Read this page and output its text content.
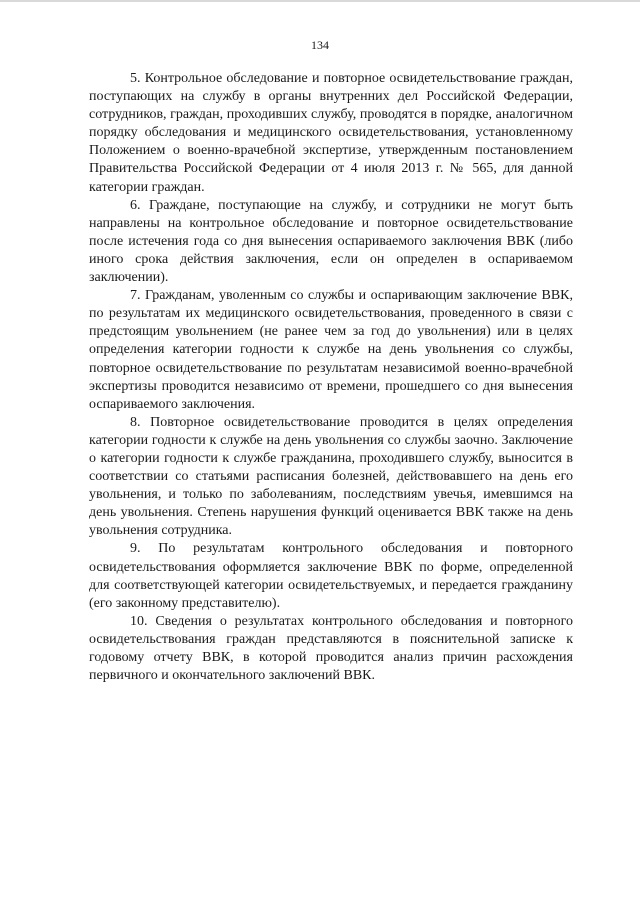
134

5. Контрольное обследование и повторное освидетельствование граждан, поступающих на службу в органы внутренних дел Российской Федерации, сотрудников, граждан, проходивших службу, проводятся в порядке, аналогичном порядку обследования и медицинского освидетельствования, установленному Положением о военно-врачебной экспертизе, утвержденным постановлением Правительства Российской Федерации от 4 июля 2013 г. № 565, для данной категории граждан.

6. Граждане, поступающие на службу, и сотрудники не могут быть направлены на контрольное обследование и повторное освидетельствование после истечения года со дня вынесения оспариваемого заключения ВВК (либо иного срока действия заключения, если он определен в оспариваемом заключении).

7. Гражданам, уволенным со службы и оспаривающим заключение ВВК, по результатам их медицинского освидетельствования, проведенного в связи с предстоящим увольнением (не ранее чем за год до увольнения) или в целях определения категории годности к службе на день увольнения со службы, повторное освидетельствование по результатам независимой военно-врачебной экспертизы проводится независимо от времени, прошедшего со дня вынесения оспариваемого заключения.

8. Повторное освидетельствование проводится в целях определения категории годности к службе на день увольнения со службы заочно. Заключение о категории годности к службе гражданина, проходившего службу, выносится в соответствии со статьями расписания болезней, действовавшего на день его увольнения, и только по заболеваниям, последствиям увечья, имевшимся на день увольнения. Степень нарушения функций оценивается ВВК также на день увольнения сотрудника.

9. По результатам контрольного обследования и повторного освидетельствования оформляется заключение ВВК по форме, определенной для соответствующей категории освидетельствуемых, и передается гражданину (его законному представителю).

10. Сведения о результатах контрольного обследования и повторного освидетельствования граждан представляются в пояснительной записке к годовому отчету ВВК, в которой проводится анализ причин расхождения первичного и окончательного заключений ВВК.
